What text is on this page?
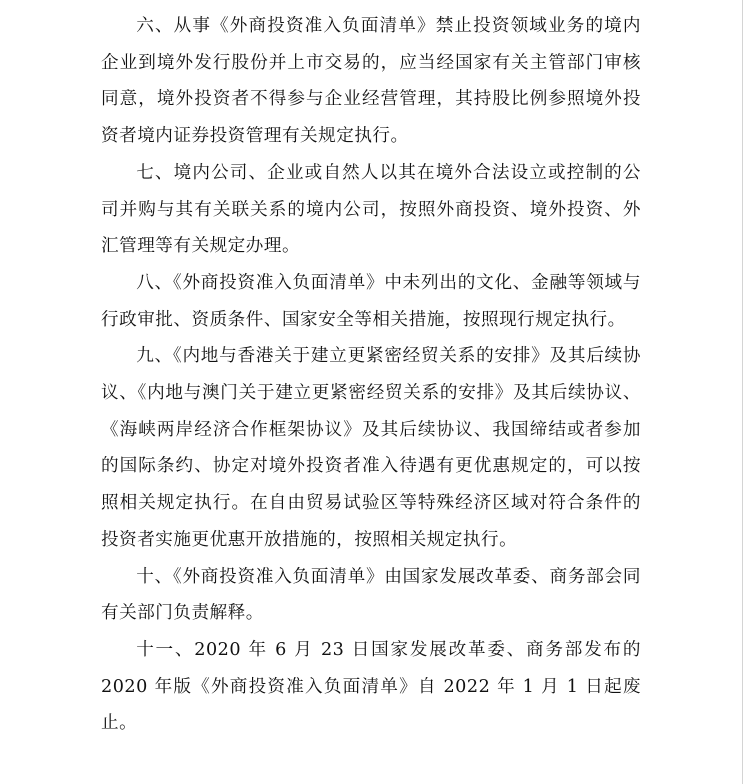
六、从事《外商投资准入负面清单》禁止投资领域业务的境内企业到境外发行股份并上市交易的，应当经国家有关主管部门审核同意，境外投资者不得参与企业经营管理，其持股比例参照境外投资者境内证券投资管理有关规定执行。

七、境内公司、企业或自然人以其在境外合法设立或控制的公司并购与其有关联关系的境内公司，按照外商投资、境外投资、外汇管理等有关规定办理。

八、《外商投资准入负面清单》中未列出的文化、金融等领域与行政审批、资质条件、国家安全等相关措施，按照现行规定执行。

九、《内地与香港关于建立更紧密经贸关系的安排》及其后续协议、《内地与澳门关于建立更紧密经贸关系的安排》及其后续协议、《海峡两岸经济合作框架协议》及其后续协议、我国缔结或者参加的国际条约、协定对境外投资者准入待遇有更优惠规定的，可以按照相关规定执行。在自由贸易试验区等特殊经济区域对符合条件的投资者实施更优惠开放措施的，按照相关规定执行。

十、《外商投资准入负面清单》由国家发展改革委、商务部会同有关部门负责解释。

十一、2020 年 6 月 23 日国家发展改革委、商务部发布的 2020 年版《外商投资准入负面清单》自 2022 年 1 月 1 日起废止。
